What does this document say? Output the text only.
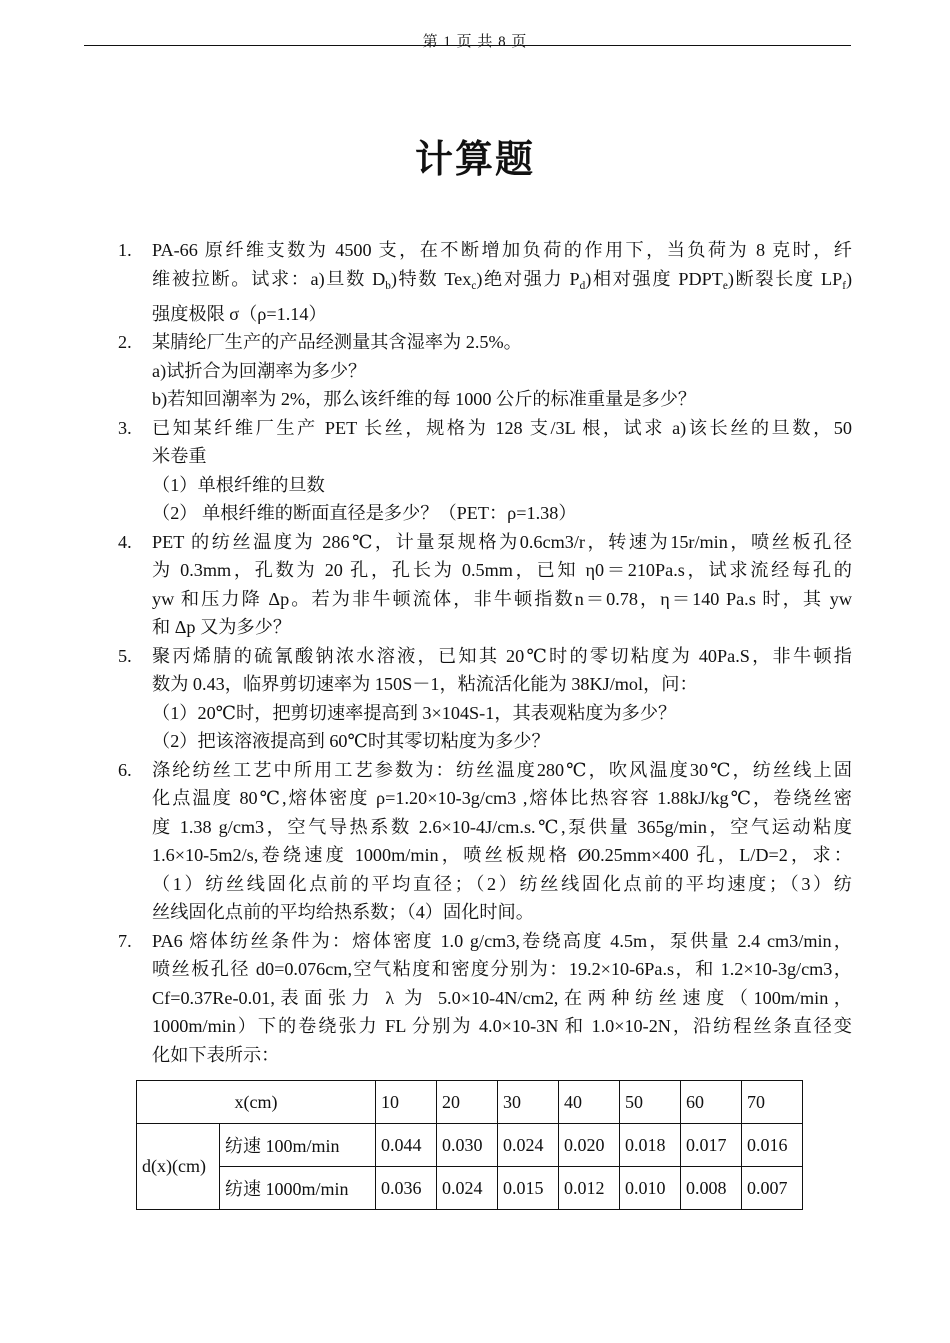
第 1 页 共 8 页
计算题
1.	PA-66 原纤维支数为 4500 支，在不断增加负荷的作用下，当负荷为 8 克时，纤
维被拉断。试求：a)旦数 $D_b$)特数 Tex$_c$)绝对强力 $P_d$)相对强度 $PDPT_e$)断裂长度 $LP_f$)
强度极限 σ（ρ=1.14）
2.	某腈纶厂生产的产品经测量其含湿率为 2.5%。
a)试折合为回潮率为多少？
b)若知回潮率为 2%，那么该纤维的每 1000 公斤的标准重量是多少？
3.	已知某纤维厂生产 PET 长丝，规格为 128 支/3L 根，试求 a)该长丝的旦数，50
米卷重
（1）单根纤维的旦数
（2） 单根纤维的断面直径是多少？（PET：ρ=1.38）
4.	PET 的纺丝温度为 286℃，计量泵规格为0.6cm3/r，转速为15r/min，喷丝板孔径
为 0.3mm，孔数为 20 孔，孔长为 0.5mm，已知 η0＝210Pa.s，试求流经每孔的
yw 和压力降 Δp。若为非牛顿流体，非牛顿指数n＝0.78，η＝140 Pa.s 时，其 yw
和 Δp 又为多少？
5.	聚丙烯腈的硫氰酸钠浓水溶液，已知其 20℃时的零切粘度为 40Pa.S，非牛顿指
数为 0.43，临界剪切速率为 150S－1，粘流活化能为 38KJ/mol，问：
（1）20℃时，把剪切速率提高到 3×104S-1，其表观粘度为多少？
（2）把该溶液提高到 60℃时其零切粘度为多少？
6.	涤纶纺丝工艺中所用工艺参数为：纺丝温度280℃，吹风温度30℃，纺丝线上固
化点温度 80℃,熔体密度 ρ=1.20×10-3g/cm3 ,熔体比热容容 1.88kJ/kg℃，卷绕丝密
度 1.38 g/cm3，空气导热系数 2.6×10-4J/cm.s.℃,泵供量 365g/min，空气运动粘度
1.6×10-5m2/s,卷绕速度 1000m/min，喷丝板规格 Ø0.25mm×400 孔，L/D=2，求：
（1）纺丝线固化点前的平均直径；（2）纺丝线固化点前的平均速度；（3）纺
丝线固化点前的平均给热系数；（4）固化时间。
7.	PA6 熔体纺丝条件为：熔体密度 1.0 g/cm3,卷绕高度 4.5m，泵供量 2.4 cm3/min，
喷丝板孔径 d0=0.076cm,空气粘度和密度分别为：19.2×10-6Pa.s，和 1.2×10-3g/cm3，
Cf=0.37Re-0.01,表面张力 λ 为 5.0×10-4N/cm2,在两种纺丝速度（100m/min，
1000m/min）下的卷绕张力 FL 分别为 4.0×10-3N 和 1.0×10-2N，沿纺程丝条直径变
化如下表所示：
x(cm)		10	20	30	40	50	60	70
d(x)(cm)	纺速 100m/min	0.044	0.030	0.024	0.020	0.018	0.017	0.016
	纺速 1000m/min	0.036	0.024	0.015	0.012	0.010	0.008	0.007
